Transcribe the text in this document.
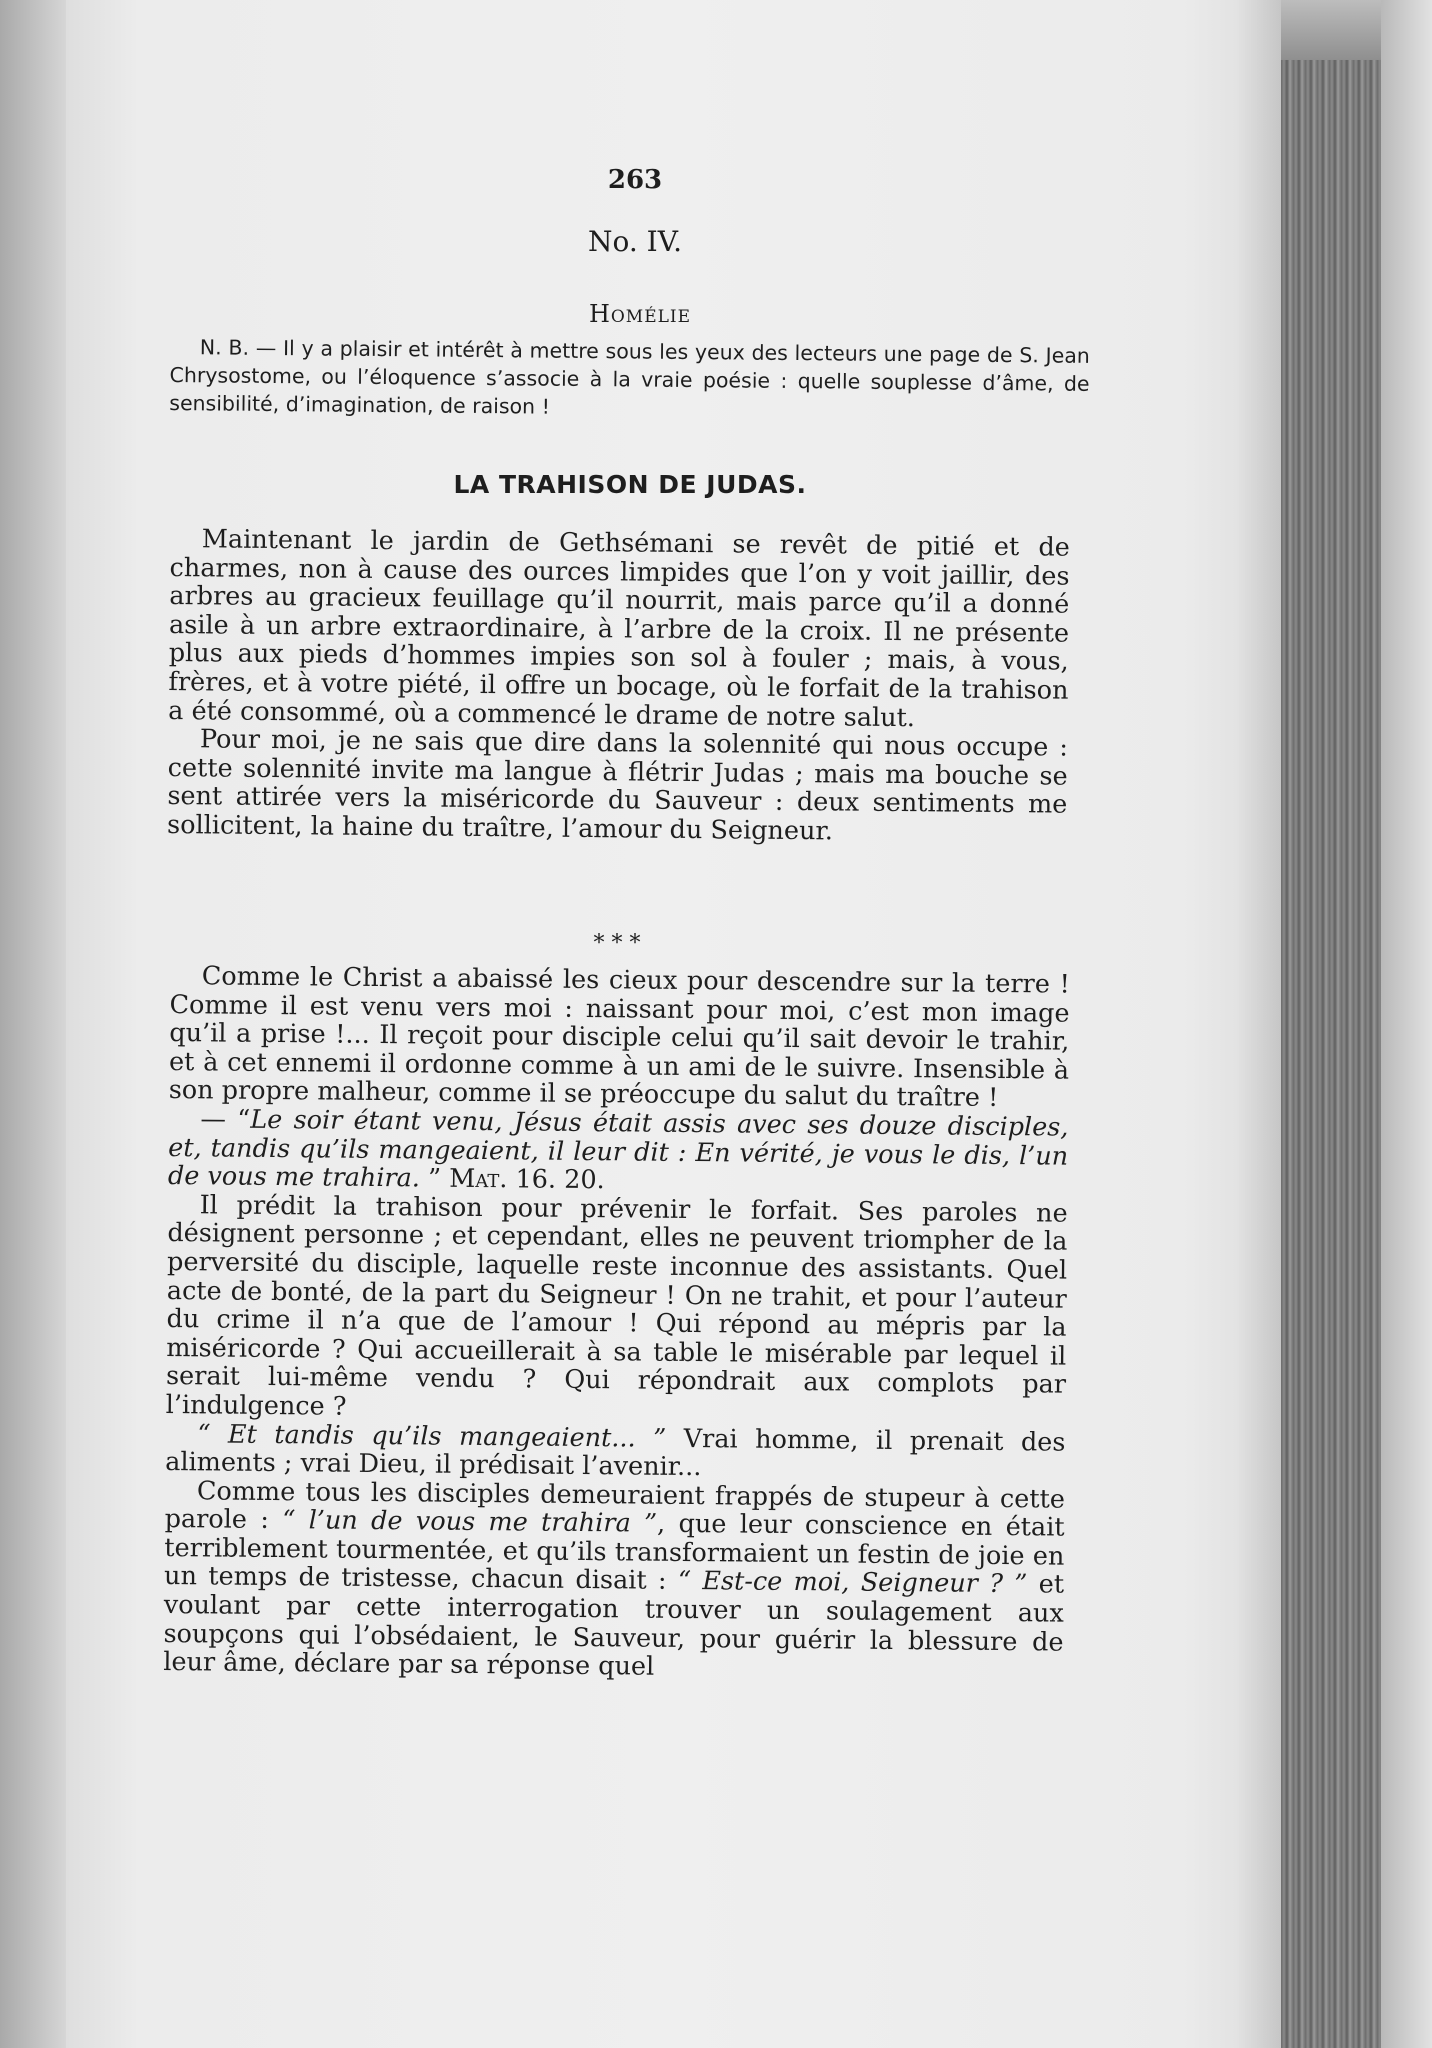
263
No. IV.
Homélie

N. B. — Il y a plaisir et intérêt à mettre sous les yeux des lecteurs une page de S. Jean Chrysostome, ou l’éloquence s’associe à la vraie poésie : quelle souplesse d’âme, de sensibilité, d’imagination, de raison !

LA TRAHISON DE JUDAS.

Maintenant le jardin de Gethsémani se revêt de pitié et de charmes, non à cause des ources limpides que l’on y voit jaillir, des arbres au gracieux feuillage qu’il nourrit, mais parce qu’il a donné asile à un arbre extraordinaire, à l’arbre de la croix. Il ne présente plus aux pieds d’hommes impies son sol à fouler ; mais, à vous, frères, et à votre piété, il offre un bocage, où le forfait de la trahison a été consommé, où a commencé le drame de notre salut.

Pour moi, je ne sais que dire dans la solennité qui nous occupe : cette solennité invite ma langue à flétrir Judas ; mais ma bouche se sent attirée vers la miséricorde du Sauveur : deux sentiments me sollicitent, la haine du traître, l’amour du Seigneur.

* * *

Comme le Christ a abaissé les cieux pour descendre sur la terre ! Comme il est venu vers moi : naissant pour moi, c’est mon image qu’il a prise !... Il reçoit pour disciple celui qu’il sait devoir le trahir, et à cet ennemi il ordonne comme à un ami de le suivre. Insensible à son propre malheur, comme il se préoccupe du salut du traître !

— “Le soir étant venu, Jésus était assis avec ses douze disciples, et, tandis qu’ils mangeaient, il leur dit : En vérité, je vous le dis, l’un de vous me trahira. ” Mat. 16. 20.

Il prédit la trahison pour prévenir le forfait. Ses paroles ne désignent personne ; et cependant, elles ne peuvent triompher de la perversité du disciple, laquelle reste inconnue des assistants. Quel acte de bonté, de la part du Seigneur ! On ne trahit, et pour l’auteur du crime il n’a que de l’amour ! Qui répond au mépris par la miséricorde ? Qui accueillerait à sa table le misérable par lequel il serait lui-même vendu ? Qui répondrait aux complots par l’indulgence ?

“ Et tandis qu’ils mangeaient... ” Vrai homme, il prenait des aliments ; vrai Dieu, il prédisait l’avenir...

Comme tous les disciples demeuraient frappés de stupeur à cette parole : “ l’un de vous me trahira ”, que leur conscience en était terriblement tourmentée, et qu’ils transformaient un festin de joie en un temps de tristesse, chacun disait : “ Est-ce moi, Seigneur ? ” et voulant par cette interrogation trouver un soulagement aux soupçons qui l’obsédaient, le Sauveur, pour guérir la blessure de leur âme, déclare par sa réponse quel
